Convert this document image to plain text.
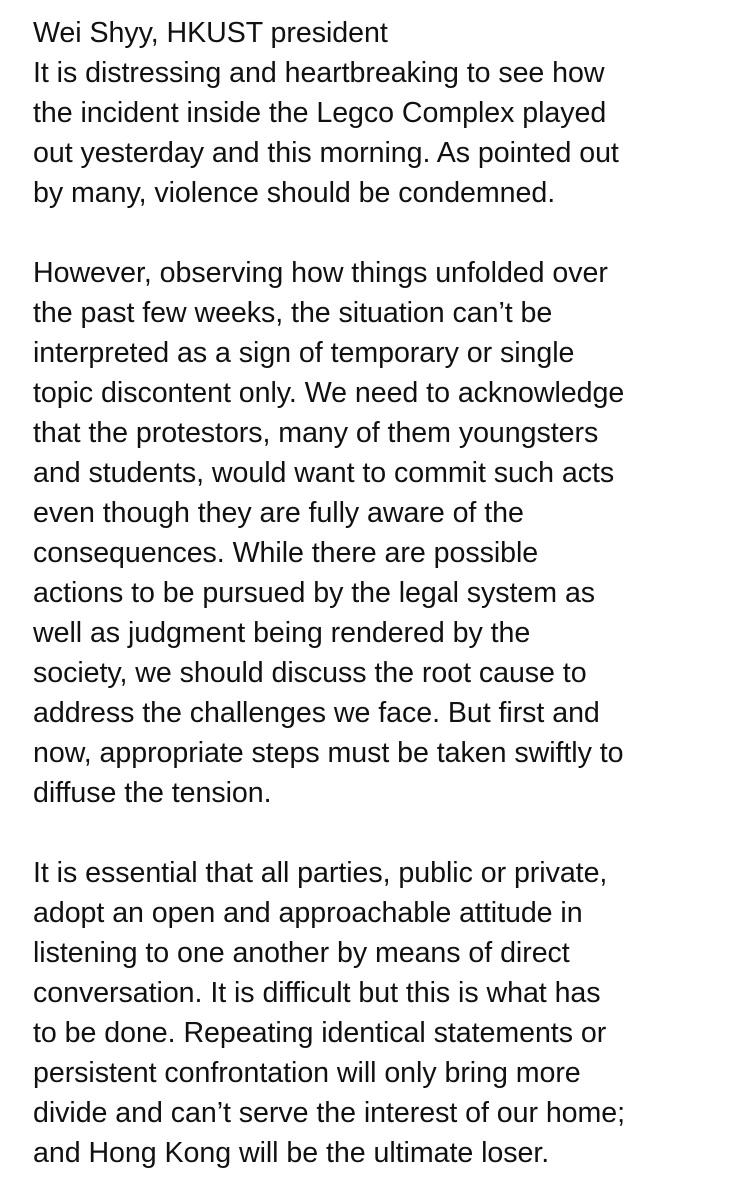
Wei Shyy, HKUST president
It is distressing and heartbreaking to see how
the incident inside the Legco Complex played
out yesterday and this morning. As pointed out
by many, violence should be condemned.
However, observing how things unfolded over
the past few weeks, the situation can’t be
interpreted as a sign of temporary or single
topic discontent only. We need to acknowledge
that the protestors, many of them youngsters
and students, would want to commit such acts
even though they are fully aware of the
consequences. While there are possible
actions to be pursued by the legal system as
well as judgment being rendered by the
society, we should discuss the root cause to
address the challenges we face. But first and
now, appropriate steps must be taken swiftly to
diffuse the tension.
It is essential that all parties, public or private,
adopt an open and approachable attitude in
listening to one another by means of direct
conversation. It is difficult but this is what has
to be done. Repeating identical statements or
persistent confrontation will only bring more
divide and can’t serve the interest of our home;
and Hong Kong will be the ultimate loser.
